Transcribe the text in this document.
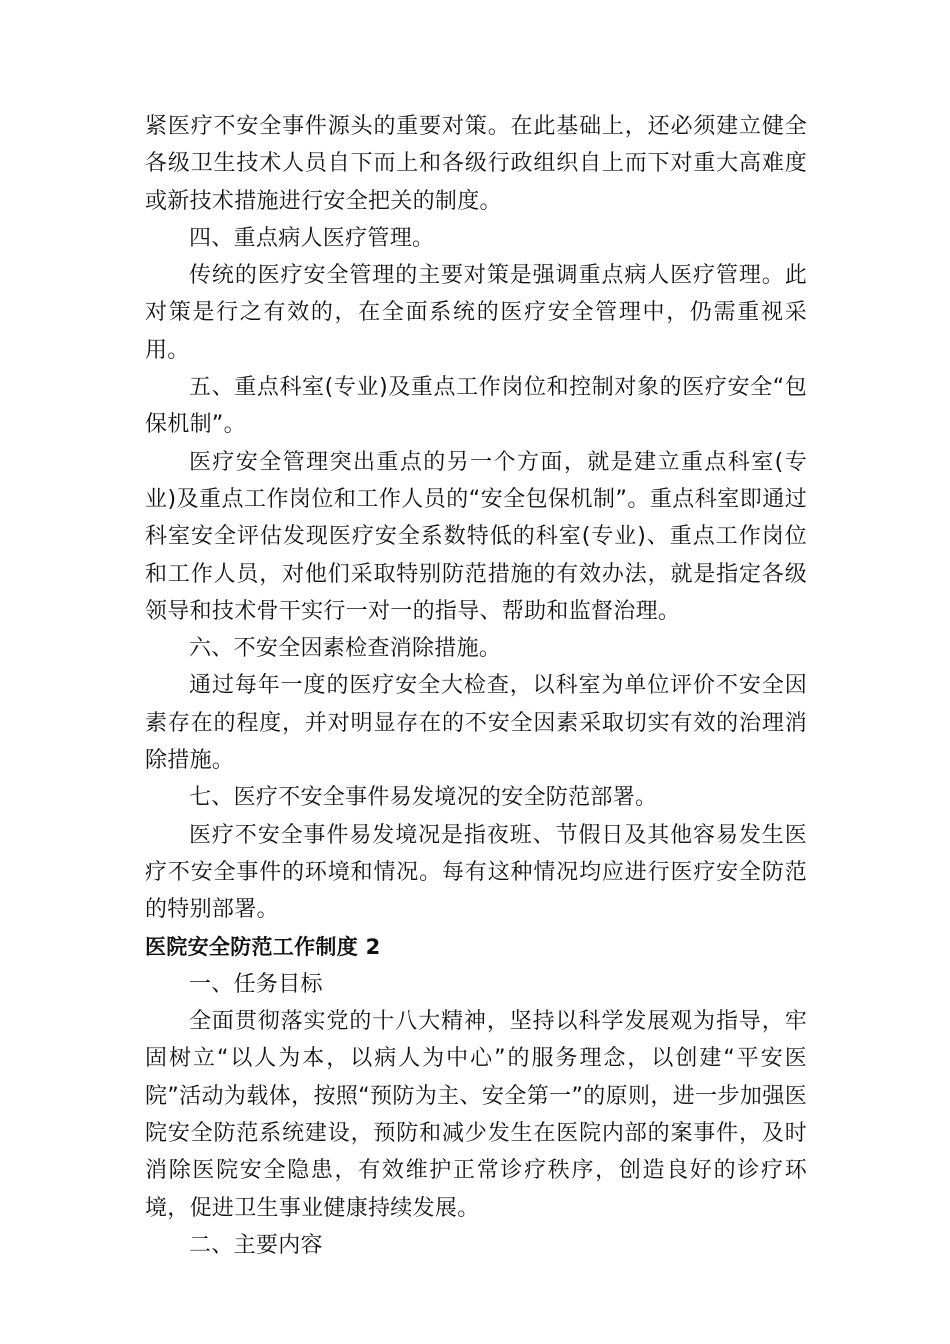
紧医疗不安全事件源头的重要对策。在此基础上，还必须建立健全各级卫生技术人员自下而上和各级行政组织自上而下对重大高难度或新技术措施进行安全把关的制度。

四、重点病人医疗管理。

传统的医疗安全管理的主要对策是强调重点病人医疗管理。此对策是行之有效的，在全面系统的医疗安全管理中，仍需重视采用。

五、重点科室(专业)及重点工作岗位和控制对象的医疗安全“包保机制”。

医疗安全管理突出重点的另一个方面，就是建立重点科室(专业)及重点工作岗位和工作人员的“安全包保机制”。重点科室即通过科室安全评估发现医疗安全系数特低的科室(专业)、重点工作岗位和工作人员，对他们采取特别防范措施的有效办法，就是指定各级领导和技术骨干实行一对一的指导、帮助和监督治理。

六、不安全因素检查消除措施。

通过每年一度的医疗安全大检查，以科室为单位评价不安全因素存在的程度，并对明显存在的不安全因素采取切实有效的治理消除措施。

七、医疗不安全事件易发境况的安全防范部署。

医疗不安全事件易发境况是指夜班、节假日及其他容易发生医疗不安全事件的环境和情况。每有这种情况均应进行医疗安全防范的特别部署。

医院安全防范工作制度 2

一、任务目标

全面贯彻落实党的十八大精神，坚持以科学发展观为指导，牢固树立“以人为本，以病人为中心”的服务理念，以创建“平安医院”活动为载体，按照“预防为主、安全第一”的原则，进一步加强医院安全防范系统建设，预防和减少发生在医院内部的案事件，及时消除医院安全隐患，有效维护正常诊疗秩序，创造良好的诊疗环境，促进卫生事业健康持续发展。

二、主要内容
